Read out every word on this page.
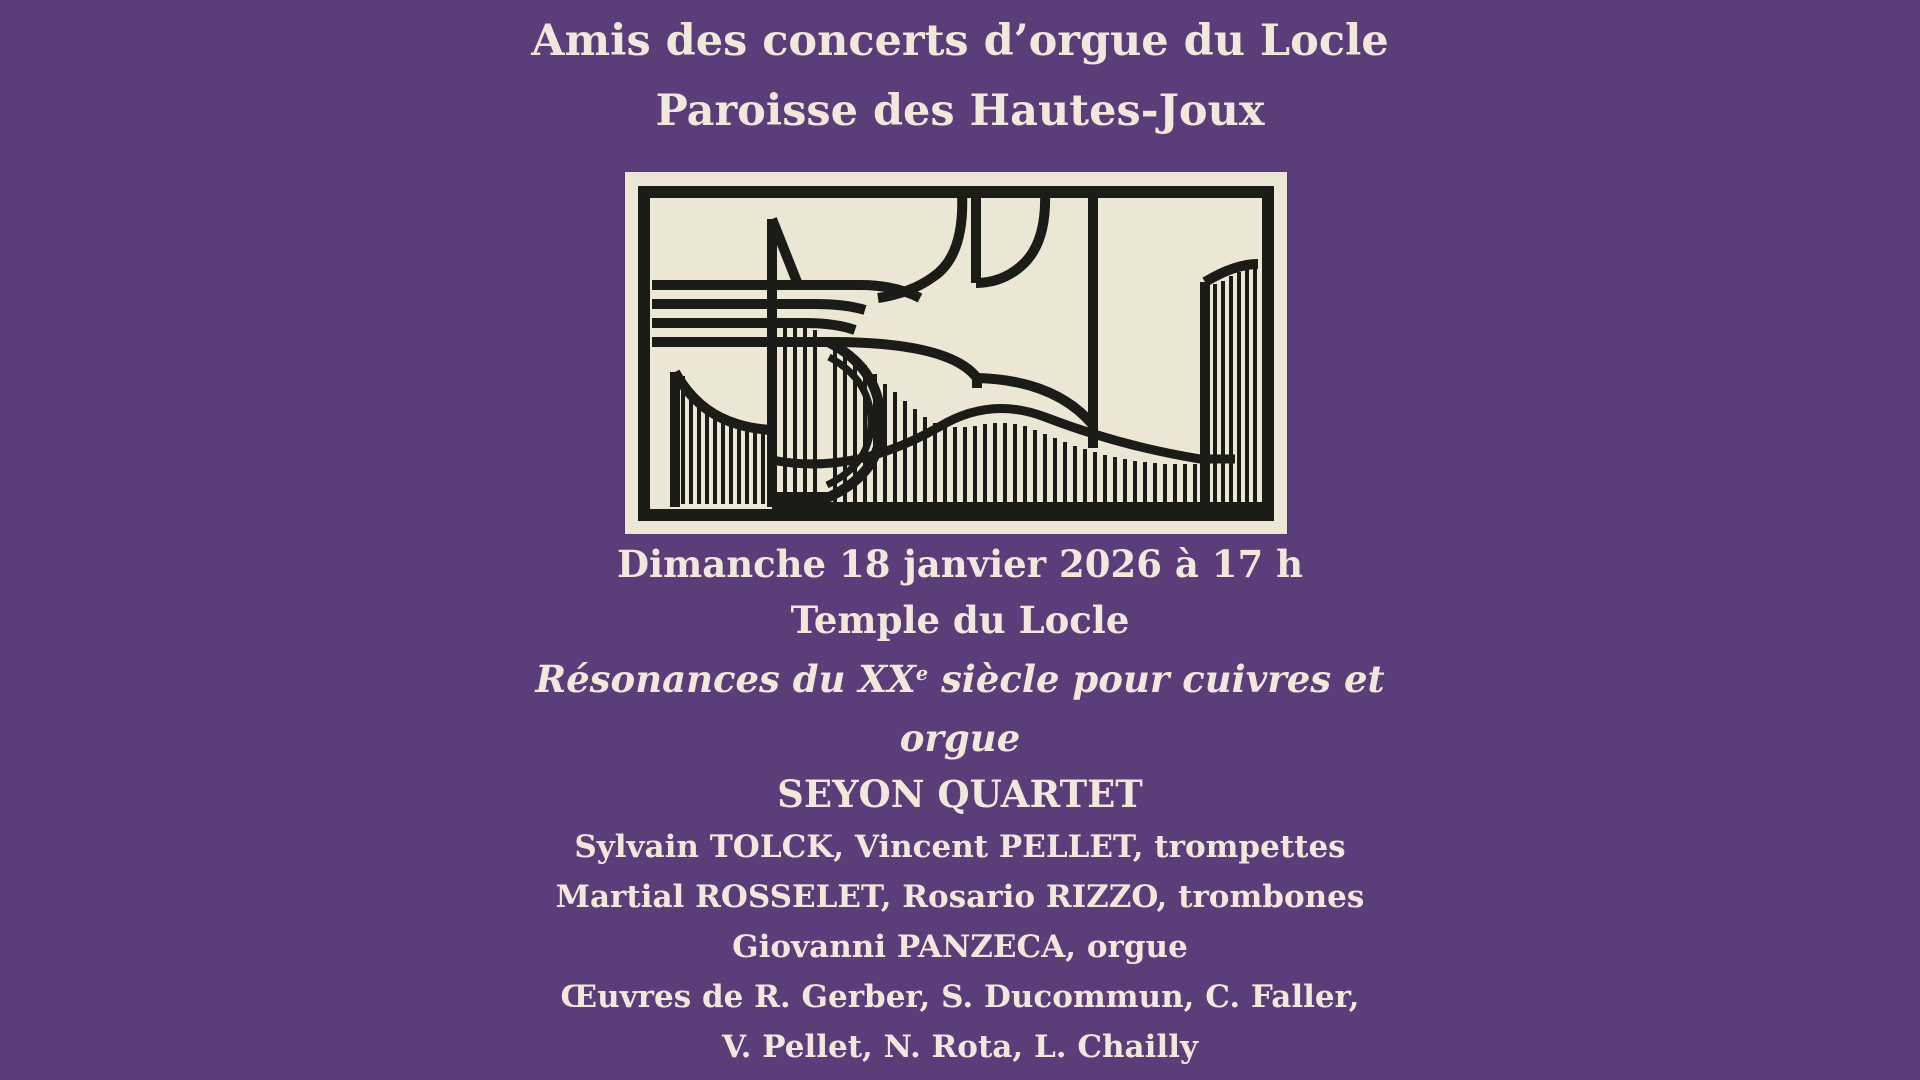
Amis des concerts d’orgue du Locle
Paroisse des Hautes-Joux
Dimanche 18 janvier 2026 à 17 h
Temple du Locle
Résonances du XXe siècle pour cuivres et
orgue
SEYON QUARTET
Sylvain TOLCK, Vincent PELLET, trompettes
Martial ROSSELET, Rosario RIZZO, trombones
Giovanni PANZECA, orgue
Œuvres de R. Gerber, S. Ducommun, C. Faller,
V. Pellet, N. Rota, L. Chailly
